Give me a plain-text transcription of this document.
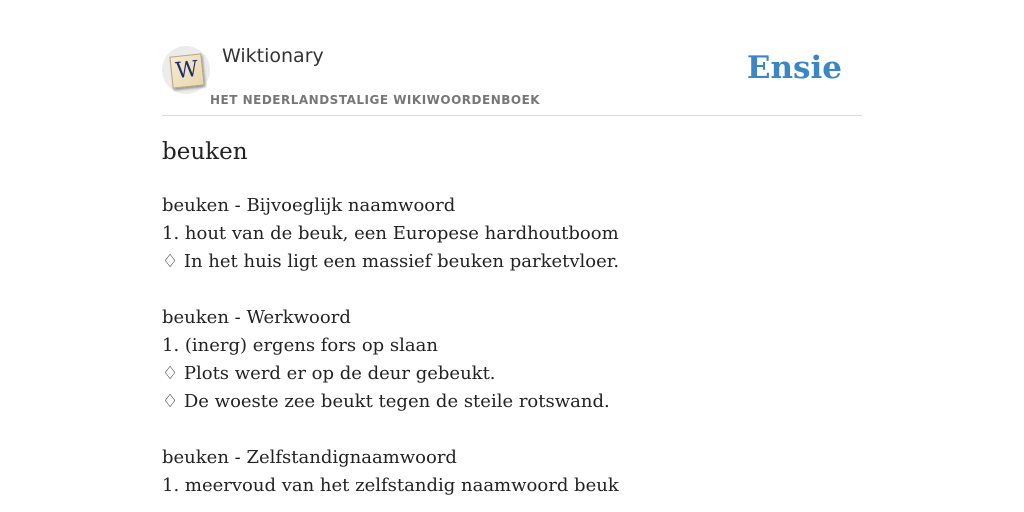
W
Wiktionary
HET NEDERLANDSTALIGE WIKIWOORDENBOEK
Ensie
beuken
beuken - Bijvoeglijk naamwoord
1. hout van de beuk, een Europese hardhoutboom
♢ In het huis ligt een massief beuken parketvloer.
beuken - Werkwoord
1. (inerg) ergens fors op slaan
♢ Plots werd er op de deur gebeukt.
♢ De woeste zee beukt tegen de steile rotswand.
beuken - Zelfstandignaamwoord
1. meervoud van het zelfstandig naamwoord beuk
